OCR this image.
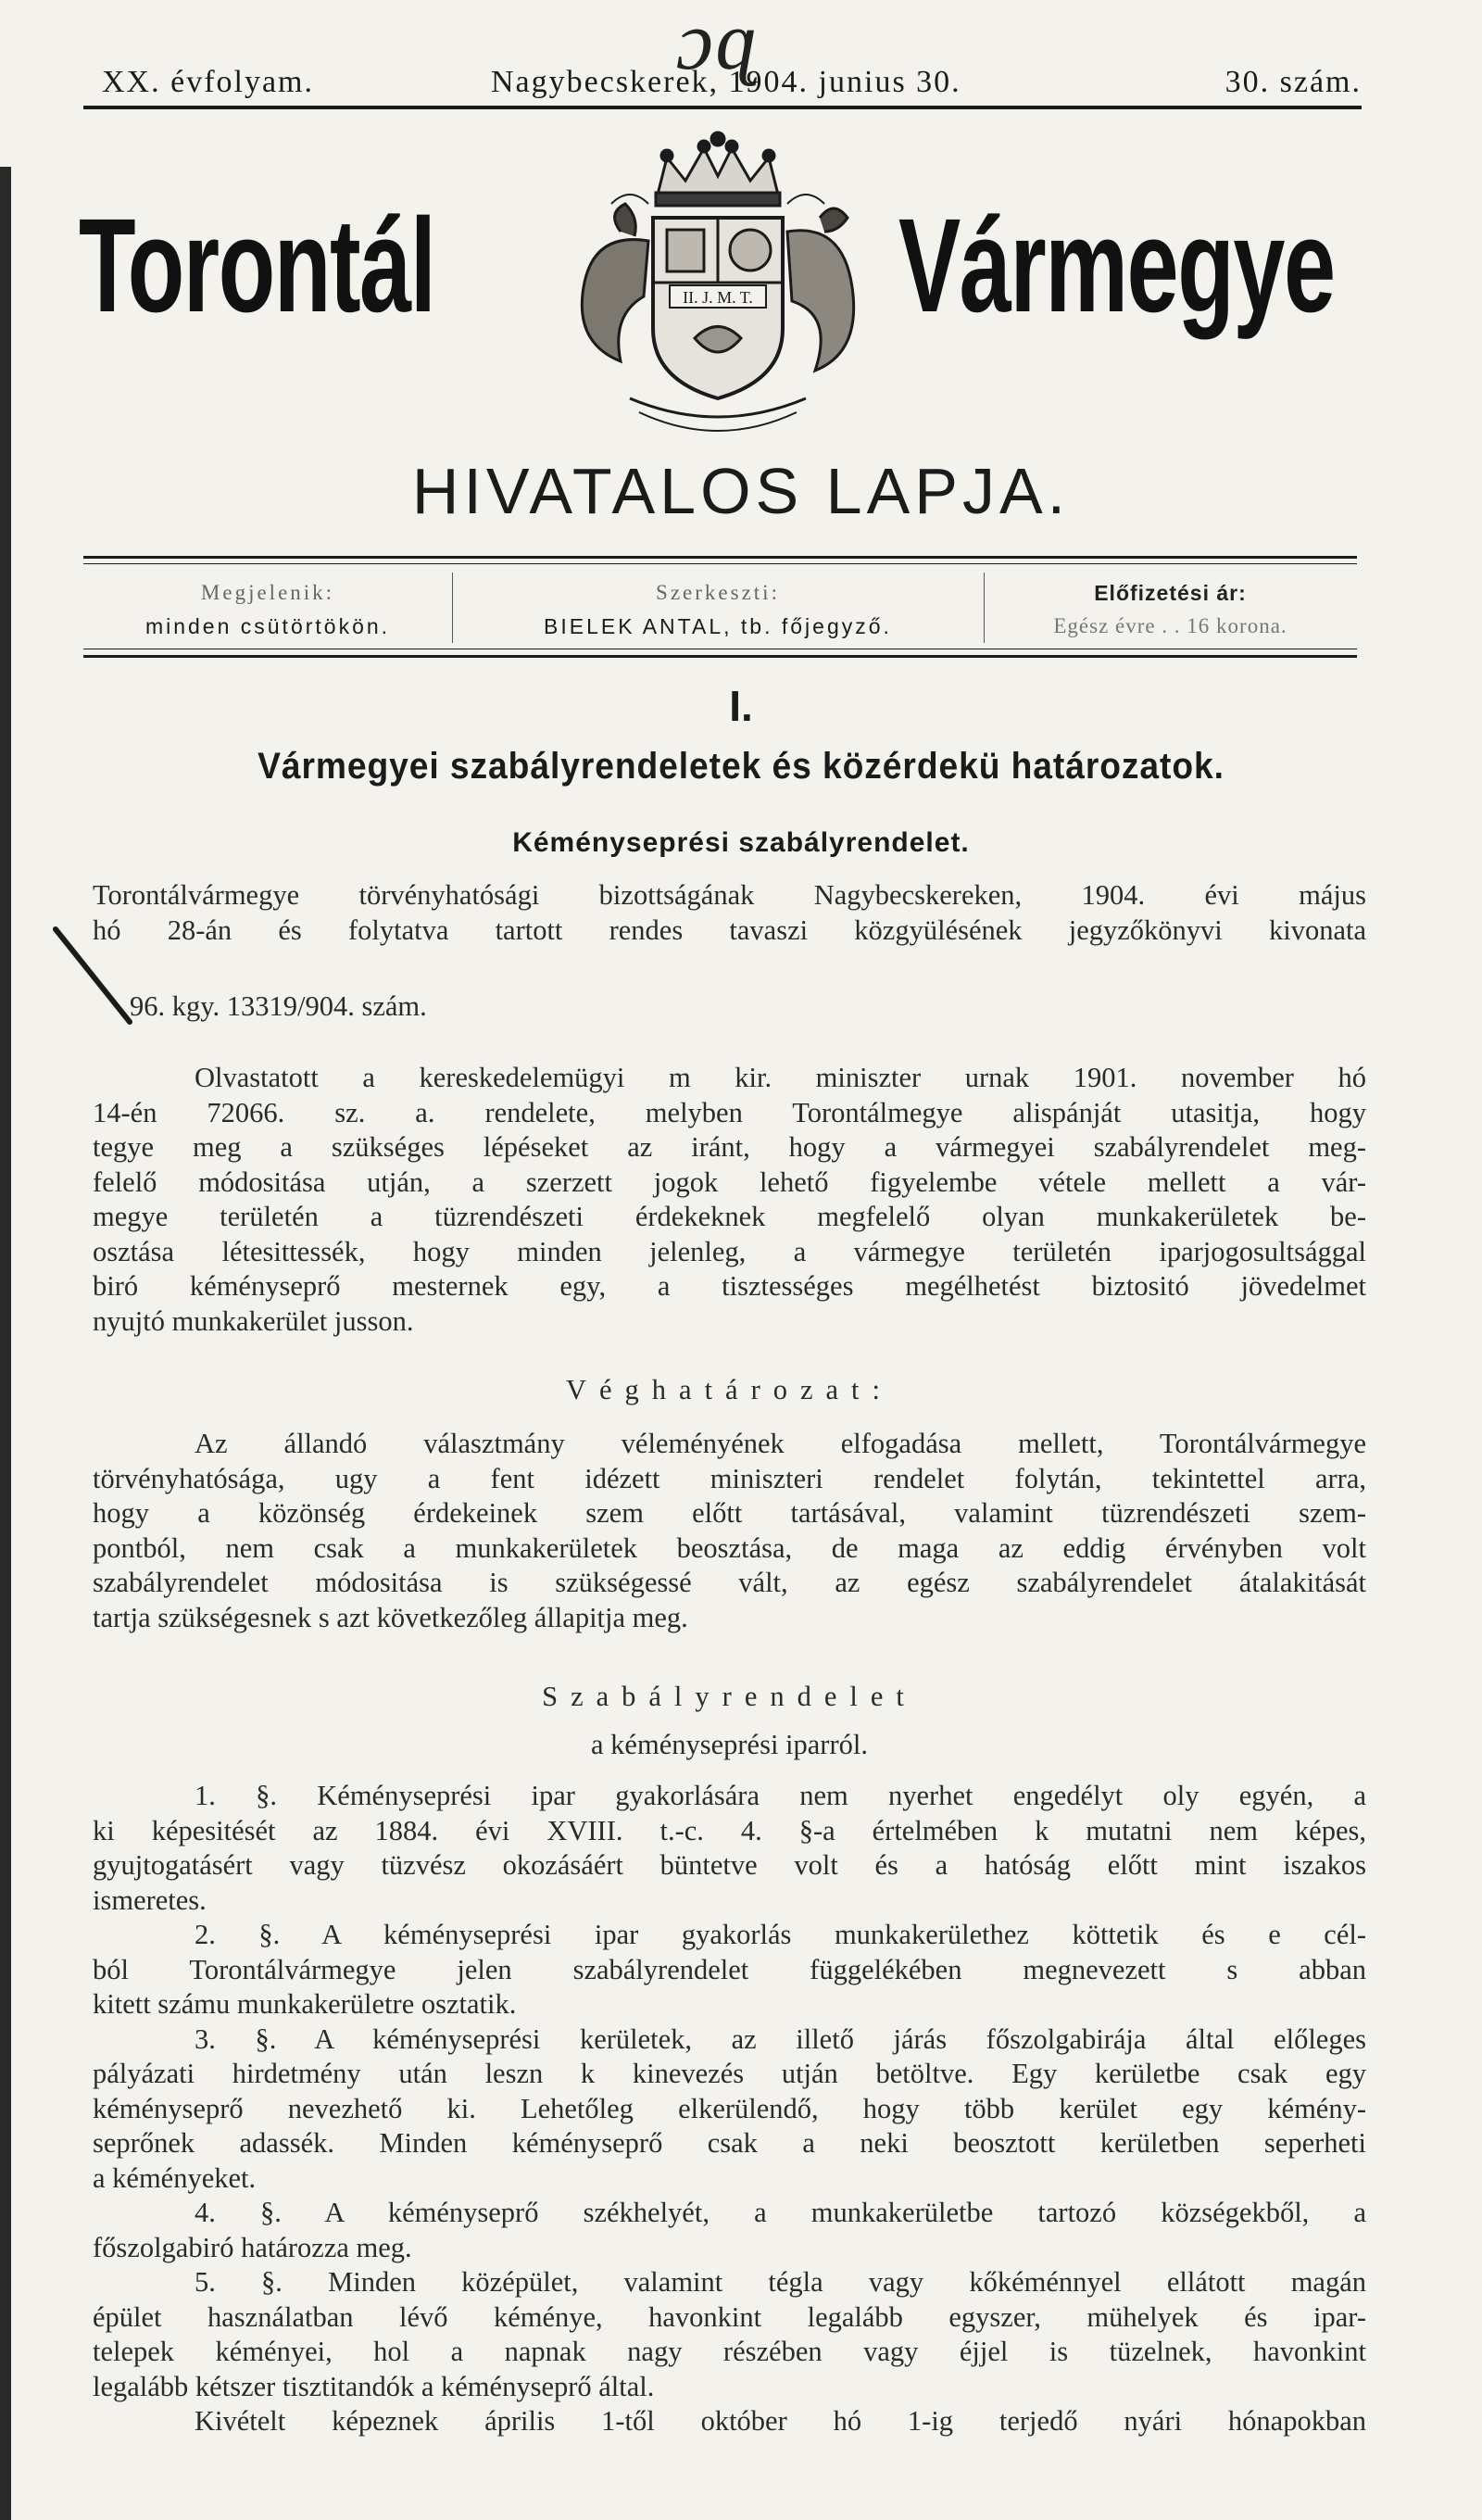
ɔ ɋ
XX. évfolyam.	Nagybecskerek, 1904. junius 30.	30. szám.
Torontál	II. J. M. T. Vármegye
HIVATALOS LAPJA.
Megjelenik:
minden csütörtökön.
Szerkeszti:
BIELEK ANTAL, tb. főjegyző.
Előfizetési ár:
Egész évre . . 16 korona.
I.
Vármegyei szabályrendeletek és közérdekü határozatok.
Kéményseprési szabályrendelet.

Torontálvármegye törvényhatósági bizottságának Nagybecskereken, 1904. évi május

hó 28-án és folytatva tartott rendes tavaszi közgyülésének jegyzőkönyvi kivonata

96. kgy. 13319/904. szám.

Olvastatott a kereskedelemügyi m kir. miniszter urnak 1901. november hó

14-én 72066. sz. a. rendelete, melyben Torontálmegye alispánját utasitja, hogy

tegye meg a szükséges lépéseket az iránt, hogy a vármegyei szabályrendelet meg-

felelő módositása utján, a szerzett jogok lehető figyelembe vétele mellett a vár-

megye területén a tüzrendészeti érdekeknek megfelelő olyan munkakerületek be-

osztása létesittessék, hogy minden jelenleg, a vármegye területén iparjogosultsággal

biró kéményseprő mesternek egy, a tisztességes megélhetést biztositó jövedelmet

nyujtó munkakerület jusson.

Véghatározat:

Az állandó választmány véleményének elfogadása mellett, Torontálvármegye

törvényhatósága, ugy a fent idézett miniszteri rendelet folytán, tekintettel arra,

hogy a közönség érdekeinek szem előtt tartásával, valamint tüzrendészeti szem-

pontból, nem csak a munkakerületek beosztása, de maga az eddig érvényben volt

szabályrendelet módositása is szükségessé vált, az egész szabályrendelet átalakitását

tartja szükségesnek s azt következőleg állapitja meg.

Szabályrendelet
a kéményseprési iparról.

1. §. Kéményseprési ipar gyakorlására nem nyerhet engedélyt oly egyén, a

ki képesitését az 1884. évi XVIII. t.-c. 4. §-a értelmében k mutatni nem képes,

gyujtogatásért vagy tüzvész okozásáért büntetve volt és a hatóság előtt mint iszakos

ismeretes.

2. §. A kéményseprési ipar gyakorlás munkakerülethez köttetik és e cél-

ból Torontálvármegye jelen szabályrendelet függelékében megnevezett s abban

kitett számu munkakerületre osztatik.

3. §. A kéményseprési kerületek, az illető járás főszolgabirája által előleges

pályázati hirdetmény után leszn k kinevezés utján betöltve. Egy kerületbe csak egy

kéményseprő nevezhető ki. Lehetőleg elkerülendő, hogy több kerület egy kémény-

seprőnek adassék. Minden kéményseprő csak a neki beosztott kerületben seperheti

a kéményeket.

4. §. A kéményseprő székhelyét, a munkakerületbe tartozó községekből, a

főszolgabiró határozza meg.

5. §. Minden középület, valamint tégla vagy kőkéménnyel ellátott magán

épület használatban lévő kéménye, havonkint legalább egyszer, mühelyek és ipar-

telepek kéményei, hol a napnak nagy részében vagy éjjel is tüzelnek, havonkint

legalább kétszer tisztitandók a kéményseprő által.

Kivételt képeznek április 1-től október hó 1-ig terjedő nyári hónapokban
